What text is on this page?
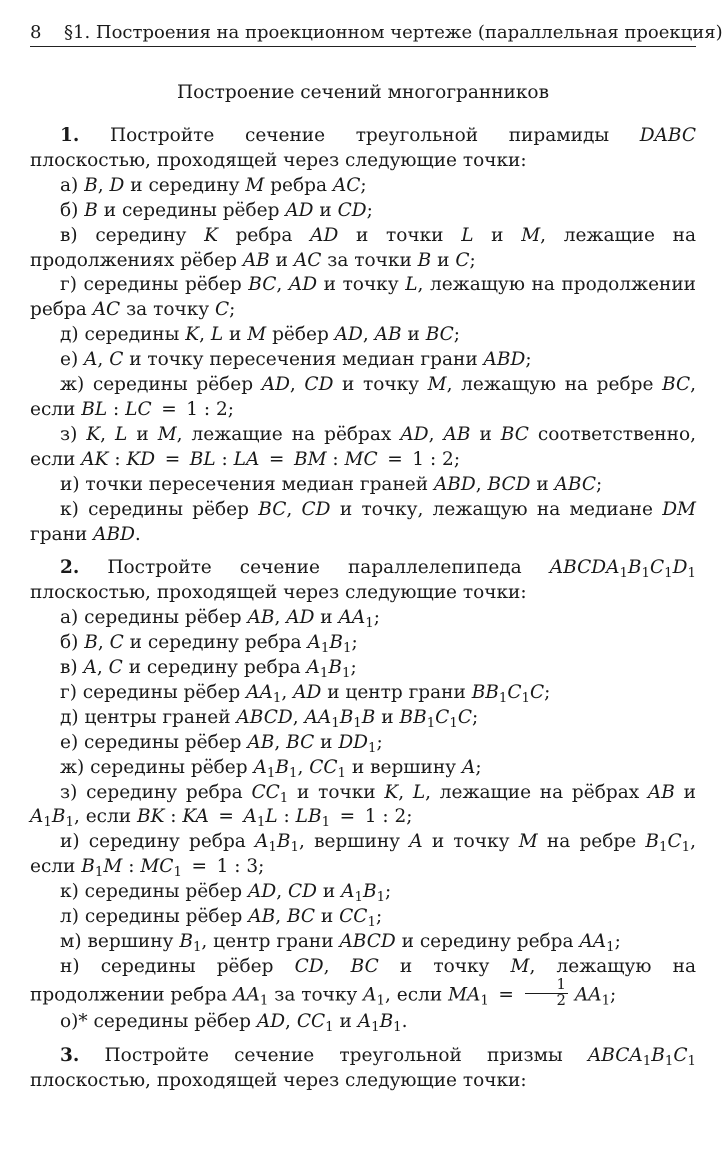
8 §1. Построения на проекционном чертеже (параллельная проекция)
Построение сечений многогранников

1. Постройте сечение треугольной пирамиды DABC плоскостью, проходящей через следующие точки:

а) B, D и середину M ребра AC;

б) B и середины рёбер AD и CD;

в) середину K ребра AD и точки L и M, лежащие на продолжениях рёбер AB и AC за точки B и C;

г) середины рёбер BC, AD и точку L, лежащую на продолжении ребра AC за точку C;

д) середины K, L и M рёбер AD, AB и BC;

е) A, C и точку пересечения медиан грани ABD;

ж) середины рёбер AD, CD и точку M, лежащую на ребре BC, если BL : LC  =  1 : 2;

з) K, L и M, лежащие на рёбрах AD, AB и BC соответственно, если AK : KD  =  BL : LA  =  BM : MC  =  1 : 2;

и) точки пересечения медиан граней ABD, BCD и ABC;

к) середины рёбер BC, CD и точку, лежащую на медиане DM грани ABD.

2. Постройте сечение параллелепипеда $ABCDA_1B_1C_1D_1$ плоскостью, проходящей через следующие точки:

а) середины рёбер AB, AD и $AA_1$;

б) B, C и середину ребра $A_1B_1$;

в) A, C и середину ребра $A_1B_1$;

г) середины рёбер $AA_1$, AD и центр грани $BB_1C_1C$;

д) центры граней ABCD, $AA_1B_1B$ и $BB_1C_1C$;

е) середины рёбер AB, BC и $DD_1$;

ж) середины рёбер $A_1B_1$, $CC_1$ и вершину A;

з) середину ребра $CC_1$ и точки K, L, лежащие на рёбрах AB и $A_1B_1$, если BK : KA  =  $A_1L$ : $LB_1 = 1$ : 2;

и) середину ребра $A_1B_1$, вершину A и точку M на ребре $B_1C_1$, если $B_1M$ : $MC_1 = 1$ : 3;

к) середины рёбер AD, CD и $A_1B_1$;

л) середины рёбер AB, BC и $CC_1$;

м) вершину $B_1$, центр грани ABCD и середину ребра $AA_1$;

н) середины рёбер CD, BC и точку M, лежащую на продолжении ребра $AA_1$ за точку $A_1$, если $MA_1 = \frac{1}{2} AA_1$;

о)* середины рёбер AD, $CC_1$ и $A_1B_1$.

3. Постройте сечение треугольной призмы $ABCA_1B_1C_1$ плоскостью, проходящей через следующие точки:
